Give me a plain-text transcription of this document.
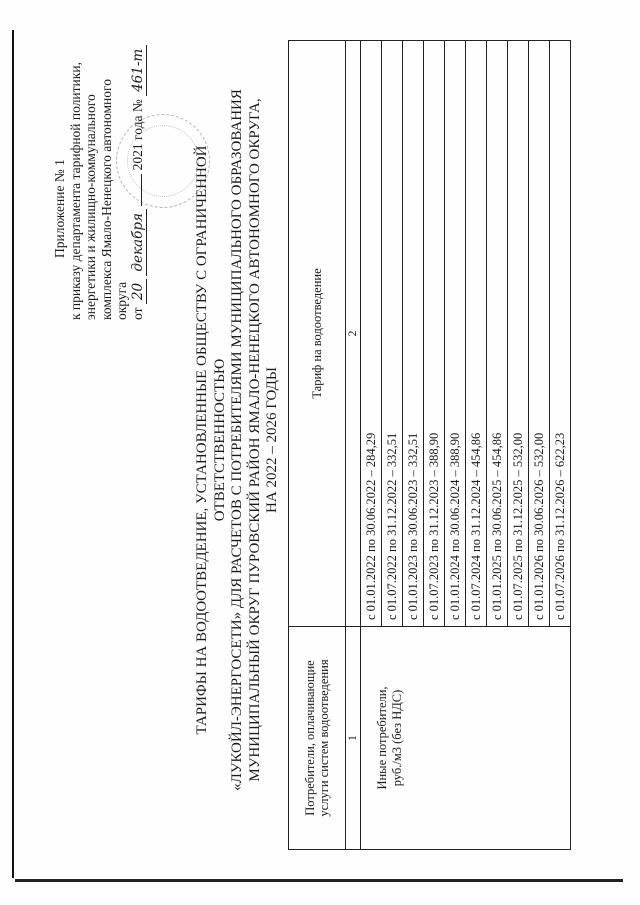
Приложение № 1 к приказу департамента тарифной политики, энергетики и жилищно-коммунального комплекса Ямало-Ненецкого автономного округа от 20 декабря  2021 года № 461-т
ТАРИФЫ НА ВОДООТВЕДЕНИЕ, УСТАНОВЛЕННЫЕ ОБЩЕСТВУ С ОГРАНИЧЕННОЙ ОТВЕТСТВЕННОСТЬЮ «ЛУКОЙЛ-ЭНЕРГОСЕТИ» ДЛЯ РАСЧЕТОВ С ПОТРЕБИТЕЛЯМИ МУНИЦИПАЛЬНОГО ОБРАЗОВАНИЯ МУНИЦИПАЛЬНЫЙ ОКРУГ ПУРОВСКИЙ РАЙОН ЯМАЛО-НЕНЕЦКОГО АВТОНОМНОГО ОКРУГА, НА 2022 – 2026 ГОДЫ
Потребители, оплачивающие услуги систем водоотведения	Тариф на водоотведение
1	2

Иные потребители, руб./м3 (без НДС)	с 01.01.2022 по 30.06.2022 – 284,29
	с 01.07.2022 по 31.12.2022 – 332,51
	с 01.01.2023 по 30.06.2023 – 332,51
	с 01.07.2023 по 31.12.2023 – 388,90
	с 01.01.2024 по 30.06.2024 – 388,90
	с 01.07.2024 по 31.12.2024 – 454,86
	с 01.01.2025 по 30.06.2025 – 454,86
	с 01.07.2025 по 31.12.2025 – 532,00
	с 01.01.2026 по 30.06.2026 – 532,00
	с 01.07.2026 по 31.12.2026 – 622,23
